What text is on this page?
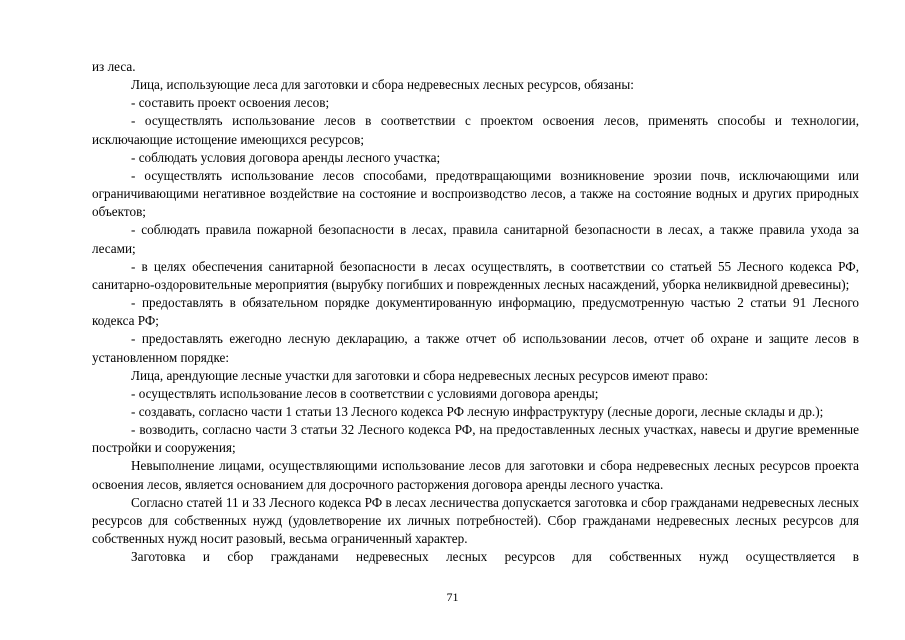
из леса.

Лица, использующие леса для заготовки и сбора недревесных лесных ресурсов, обязаны:

- составить проект освоения лесов;

- осуществлять использование лесов в соответствии с проектом освоения лесов, применять способы и технологии, исключающие истощение имеющихся ресурсов;

- соблюдать условия договора аренды лесного участка;

- осуществлять использование лесов способами, предотвращающими возникновение эрозии почв, исключающими или ограничивающими негативное воздействие на состояние и воспроизводство лесов, а также на состояние водных и других природных объектов;

- соблюдать правила пожарной безопасности в лесах, правила санитарной безопасности в лесах, а также правила ухода за лесами;

- в целях обеспечения санитарной безопасности в лесах осуществлять, в соответствии со статьей 55 Лесного кодекса РФ, санитарно-оздоровительные мероприятия (вырубку погибших и поврежденных лесных насаждений, уборка неликвидной древесины);

- предоставлять в обязательном порядке документированную информацию, предусмотренную частью 2 статьи 91 Лесного кодекса РФ;

- предоставлять ежегодно лесную декларацию, а также отчет об использовании лесов, отчет об охране и защите лесов в установленном порядке:

Лица, арендующие лесные участки для заготовки и сбора недревесных лесных ресурсов имеют право:

- осуществлять использование лесов в соответствии с условиями договора аренды;

- создавать, согласно части 1 статьи 13 Лесного кодекса РФ лесную инфраструктуру (лесные дороги, лесные склады и др.);

- возводить, согласно части 3 статьи 32 Лесного кодекса РФ, на предоставленных лесных участках, навесы и другие временные постройки и сооружения;

Невыполнение лицами, осуществляющими использование лесов для заготовки и сбора недревесных лесных ресурсов проекта освоения лесов, является основанием для досрочного расторжения договора аренды лесного участка.

Согласно статей 11 и 33 Лесного кодекса РФ в лесах лесничества допускается заготовка и сбор гражданами недревесных лесных ресурсов для собственных нужд (удовлетворение их личных потребностей). Сбор гражданами недревесных лесных ресурсов для собственных нужд носит разовый, весьма ограниченный характер.

Заготовка и сбор гражданами недревесных лесных ресурсов для собственных нужд осуществляется в

71
